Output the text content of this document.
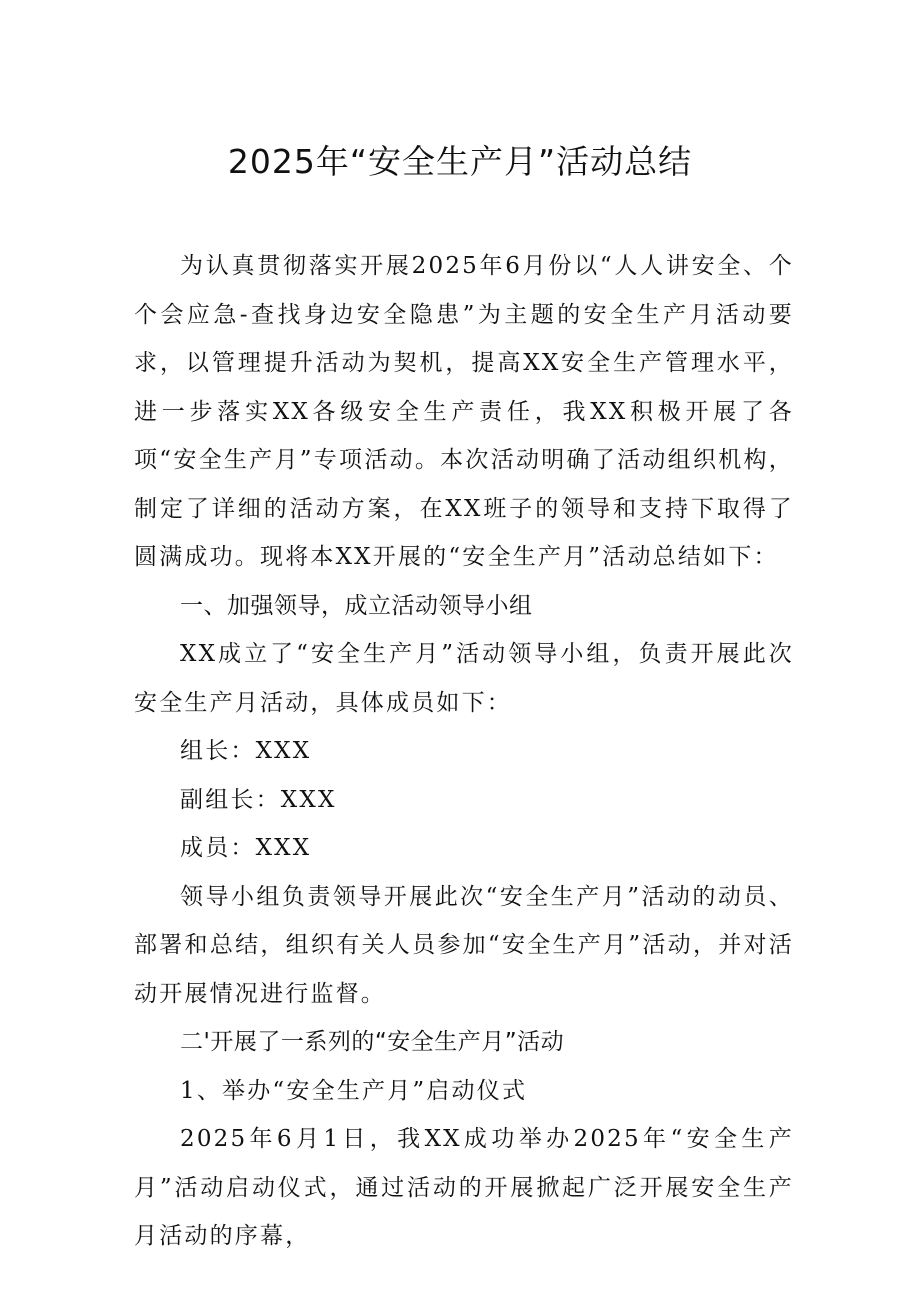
2025年“安全生产月”活动总结

为认真贯彻落实开展2025年6月份以“人人讲安全、个个会应急-查找身边安全隐患”为主题的安全生产月活动要求，以管理提升活动为契机，提高XX安全生产管理水平，进一步落实XX各级安全生产责任，我XX积极开展了各项“安全生产月”专项活动。本次活动明确了活动组织机构，制定了详细的活动方案，在XX班子的领导和支持下取得了圆满成功。现将本XX开展的“安全生产月”活动总结如下：

一、加强领导，成立活动领导小组

XX成立了“安全生产月”活动领导小组，负责开展此次安全生产月活动，具体成员如下：

组长：XXX

副组长：XXX

成员：XXX

领导小组负责领导开展此次“安全生产月”活动的动员、部署和总结，组织有关人员参加“安全生产月”活动，并对活动开展情况进行监督。

二'开展了一系列的“安全生产月”活动

1、举办“安全生产月”启动仪式

2025年6月1日，我XX成功举办2025年“安全生产月”活动启动仪式，通过活动的开展掀起广泛开展安全生产月活动的序幕，
